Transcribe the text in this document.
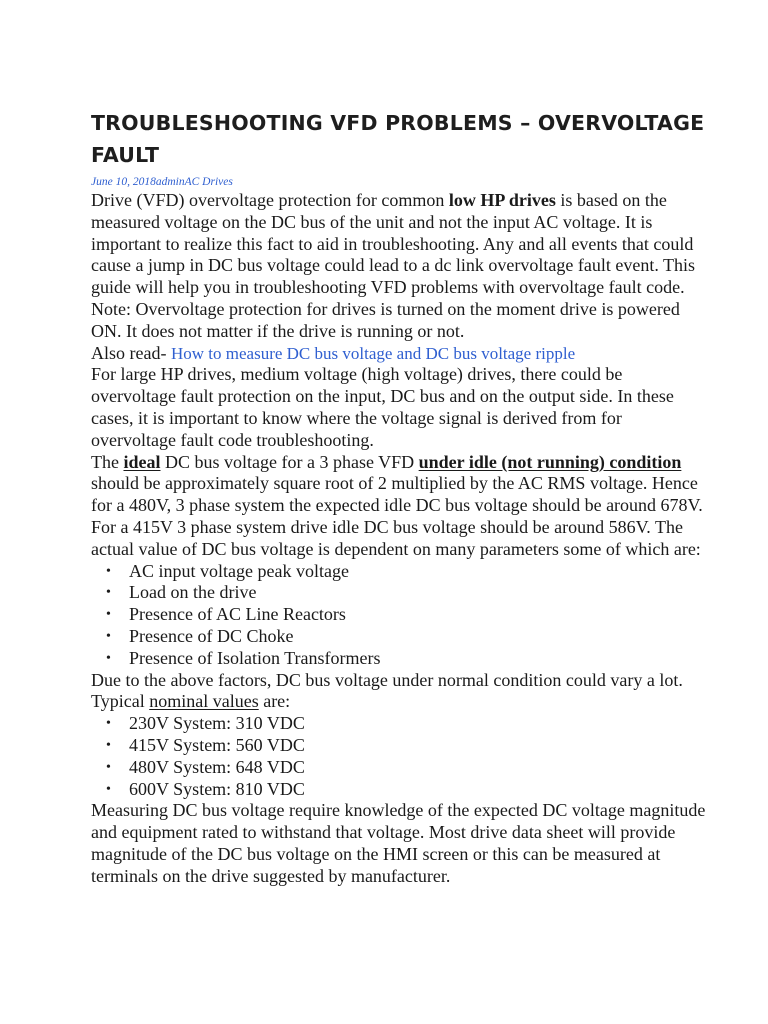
TROUBLESHOOTING VFD PROBLEMS – OVERVOLTAGE FAULT
June 10, 2018adminAC Drives

Drive (VFD) overvoltage protection for common low HP drives is based on the measured voltage on the DC bus of the unit and not the input AC voltage. It is important to realize this fact to aid in troubleshooting. Any and all events that could cause a jump in DC bus voltage could lead to a dc link overvoltage fault event. This guide will help you in troubleshooting VFD problems with overvoltage fault code.

Note: Overvoltage protection for drives is turned on the moment drive is powered ON. It does not matter if the drive is running or not.

Also read- How to measure DC bus voltage and DC bus voltage ripple

For large HP drives, medium voltage (high voltage) drives, there could be overvoltage fault protection on the input, DC bus and on the output side. In these cases, it is important to know where the voltage signal is derived from for overvoltage fault code troubleshooting.

The ideal DC bus voltage for a 3 phase VFD under idle (not running) condition should be approximately square root of 2 multiplied by the AC RMS voltage. Hence for a 480V, 3 phase system the expected idle DC bus voltage should be around 678V. For a 415V 3 phase system drive idle DC bus voltage should be around 586V. The actual value of DC bus voltage is dependent on many parameters some of which are:

• AC input voltage peak voltage
• Load on the drive
• Presence of AC Line Reactors
• Presence of DC Choke
• Presence of Isolation Transformers

Due to the above factors, DC bus voltage under normal condition could vary a lot. Typical nominal values are:

• 230V System: 310 VDC
• 415V System: 560 VDC
• 480V System: 648 VDC
• 600V System: 810 VDC

Measuring DC bus voltage require knowledge of the expected DC voltage magnitude and equipment rated to withstand that voltage. Most drive data sheet will provide magnitude of the DC bus voltage on the HMI screen or this can be measured at terminals on the drive suggested by manufacturer.
